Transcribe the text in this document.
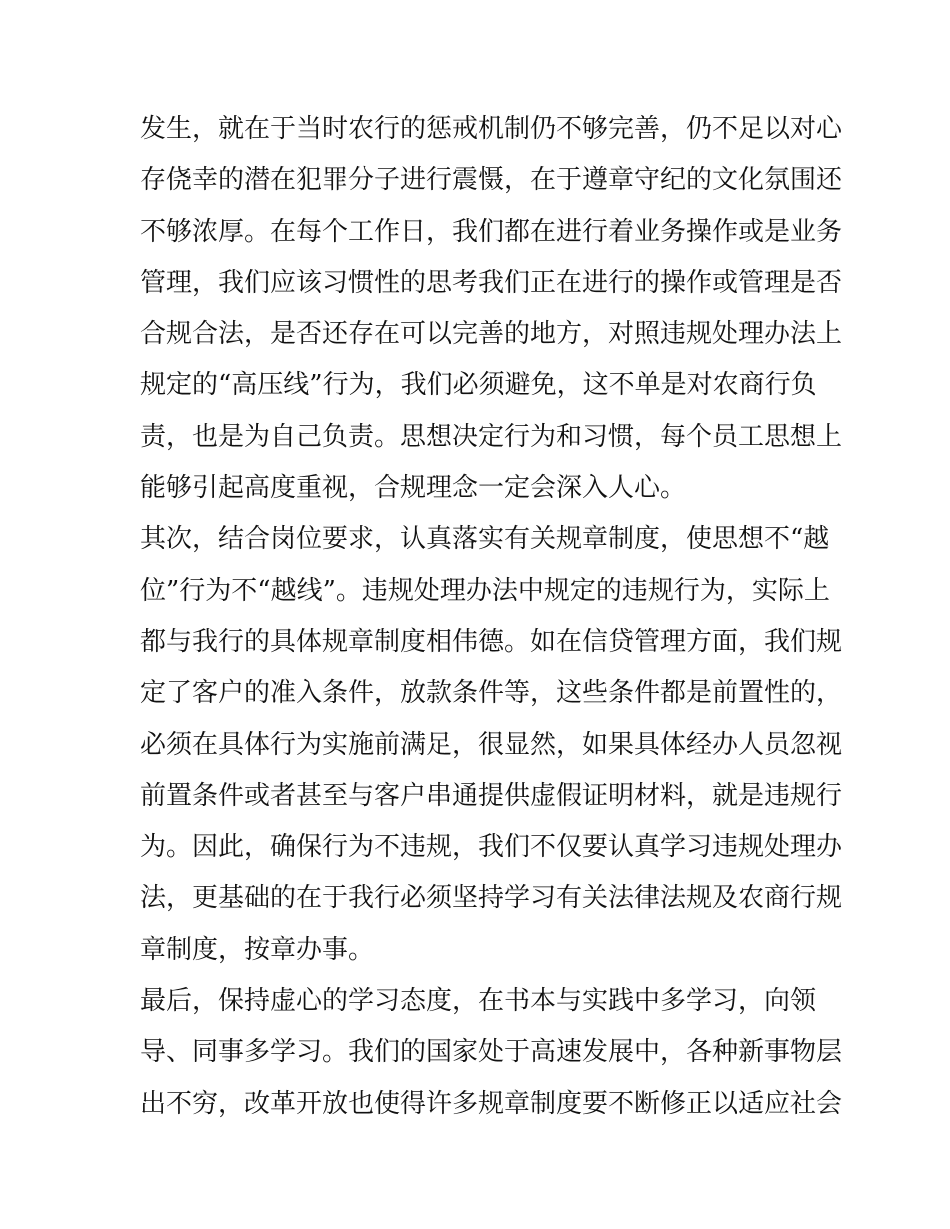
发生，就在于当时农行的惩戒机制仍不够完善，仍不足以对心
存侥幸的潜在犯罪分子进行震慑，在于遵章守纪的文化氛围还
不够浓厚。在每个工作日，我们都在进行着业务操作或是业务
管理，我们应该习惯性的思考我们正在进行的操作或管理是否
合规合法，是否还存在可以完善的地方，对照违规处理办法上
规定的“高压线”行为，我们必须避免，这不单是对农商行负
责，也是为自己负责。思想决定行为和习惯，每个员工思想上
能够引起高度重视，合规理念一定会深入人心。
其次，结合岗位要求，认真落实有关规章制度，使思想不“越
位”行为不“越线”。违规处理办法中规定的违规行为，实际上
都与我行的具体规章制度相伟德。如在信贷管理方面，我们规
定了客户的准入条件，放款条件等，这些条件都是前置性的，
必须在具体行为实施前满足，很显然，如果具体经办人员忽视
前置条件或者甚至与客户串通提供虚假证明材料，就是违规行
为。因此，确保行为不违规，我们不仅要认真学习违规处理办
法，更基础的在于我行必须坚持学习有关法律法规及农商行规
章制度，按章办事。
最后，保持虚心的学习态度，在书本与实践中多学习，向领
导、同事多学习。我们的国家处于高速发展中，各种新事物层
出不穷，改革开放也使得许多规章制度要不断修正以适应社会
